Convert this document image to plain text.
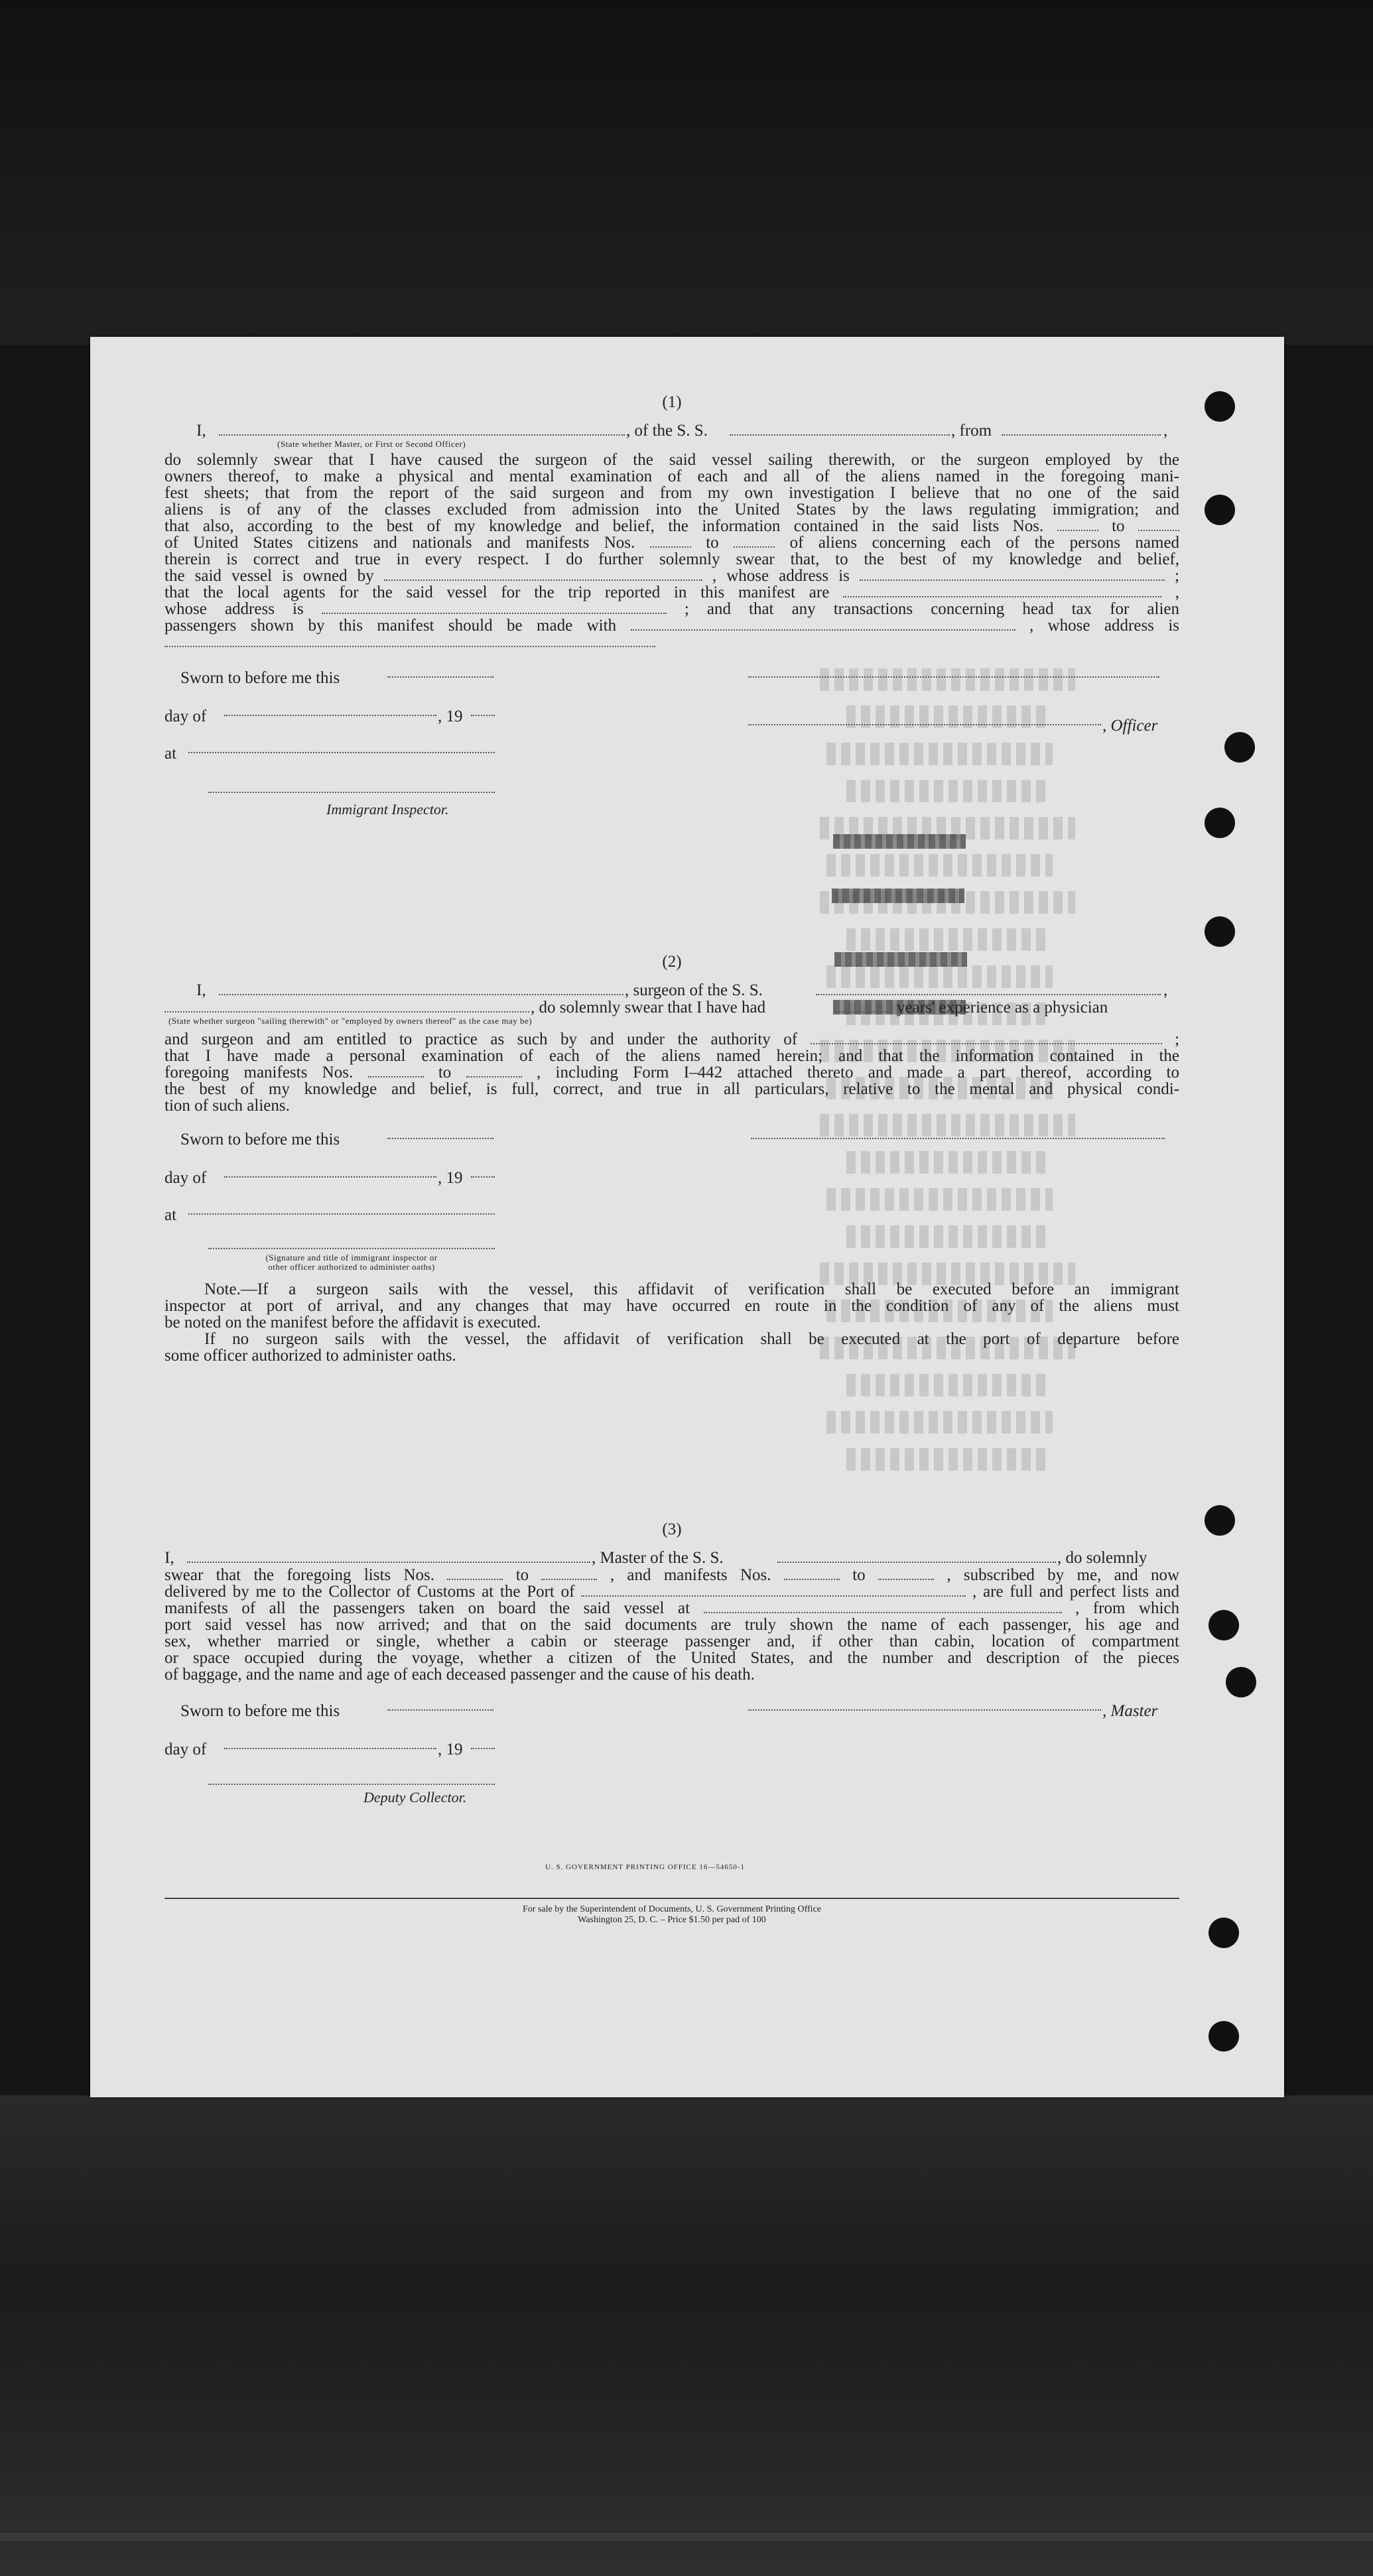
(1)
I,	, of the S. S.	, from	,
(State whether Master, or First or Second Officer)

do solemnly swear that I have caused the surgeon of the said vessel sailing therewith, or the surgeon employed by the

owners thereof, to make a physical and mental examination of each and all of the aliens named in the foregoing mani-

fest sheets; that from the report of the said surgeon and from my own investigation I believe that no one of the said

aliens is of any of the classes excluded from admission into the United States by the laws regulating immigration; and

that also, according to the best of my knowledge and belief, the information contained in the said lists Nos.	to

of United States citizens and nationals and manifests Nos.	to	of aliens concerning each of the persons named

therein is correct and true in every respect. I do further solemnly swear that, to the best of my knowledge and belief,

the said vessel is owned by	, whose address is	;

that the local agents for the said vessel for the trip reported in this manifest are	,

whose address is	; and that any transactions concerning head tax for alien

passengers shown by this manifest should be made with	, whose address is

Sworn to before me this
day of	, 19
, Officer
at
Immigrant Inspector.
(2)
I,	, surgeon of the S. S.	,
, do solemnly swear that I have had	years' experience as a physician
(State whether surgeon "sailing therewith" or "employed by owners thereof" as the case may be)

and surgeon and am entitled to practice as such by and under the authority of	;

that I have made a personal examination of each of the aliens named herein; and that the information contained in the

foregoing manifests Nos.	to	, including Form I–442 attached thereto and made a part thereof, according to

the best of my knowledge and belief, is full, correct, and true in all particulars, relative to the mental and physical condi-

tion of such aliens.

Sworn to before me this
day of	, 19
at
(Signature and title of immigrant inspector or
other officer authorized to administer oaths)

Note.—If a surgeon sails with the vessel, this affidavit of verification shall be executed before an immigrant

inspector at port of arrival, and any changes that may have occurred en route in the condition of any of the aliens must

be noted on the manifest before the affidavit is executed.

If no surgeon sails with the vessel, the affidavit of verification shall be executed at the port of departure before

some officer authorized to administer oaths.

(3)
I,	, Master of the S. S.	, do solemnly

swear that the foregoing lists Nos.	to	, and manifests Nos.	to	, subscribed by me, and now

delivered by me to the Collector of Customs at the Port of	, are full and perfect lists and

manifests of all the passengers taken on board the said vessel at	, from which

port said vessel has now arrived; and that on the said documents are truly shown the name of each passenger, his age and

sex, whether married or single, whether a cabin or steerage passenger and, if other than cabin, location of compartment

or space occupied during the voyage, whether a citizen of the United States, and the number and description of the pieces

of baggage, and the name and age of each deceased passenger and the cause of his death.

Sworn to before me this	, Master
day of	, 19
Deputy Collector.
U. S. GOVERNMENT PRINTING OFFICE 16—54650-1
For sale by the Superintendent of Documents, U. S. Government Printing Office
Washington 25, D. C. – Price $1.50 per pad of 100
